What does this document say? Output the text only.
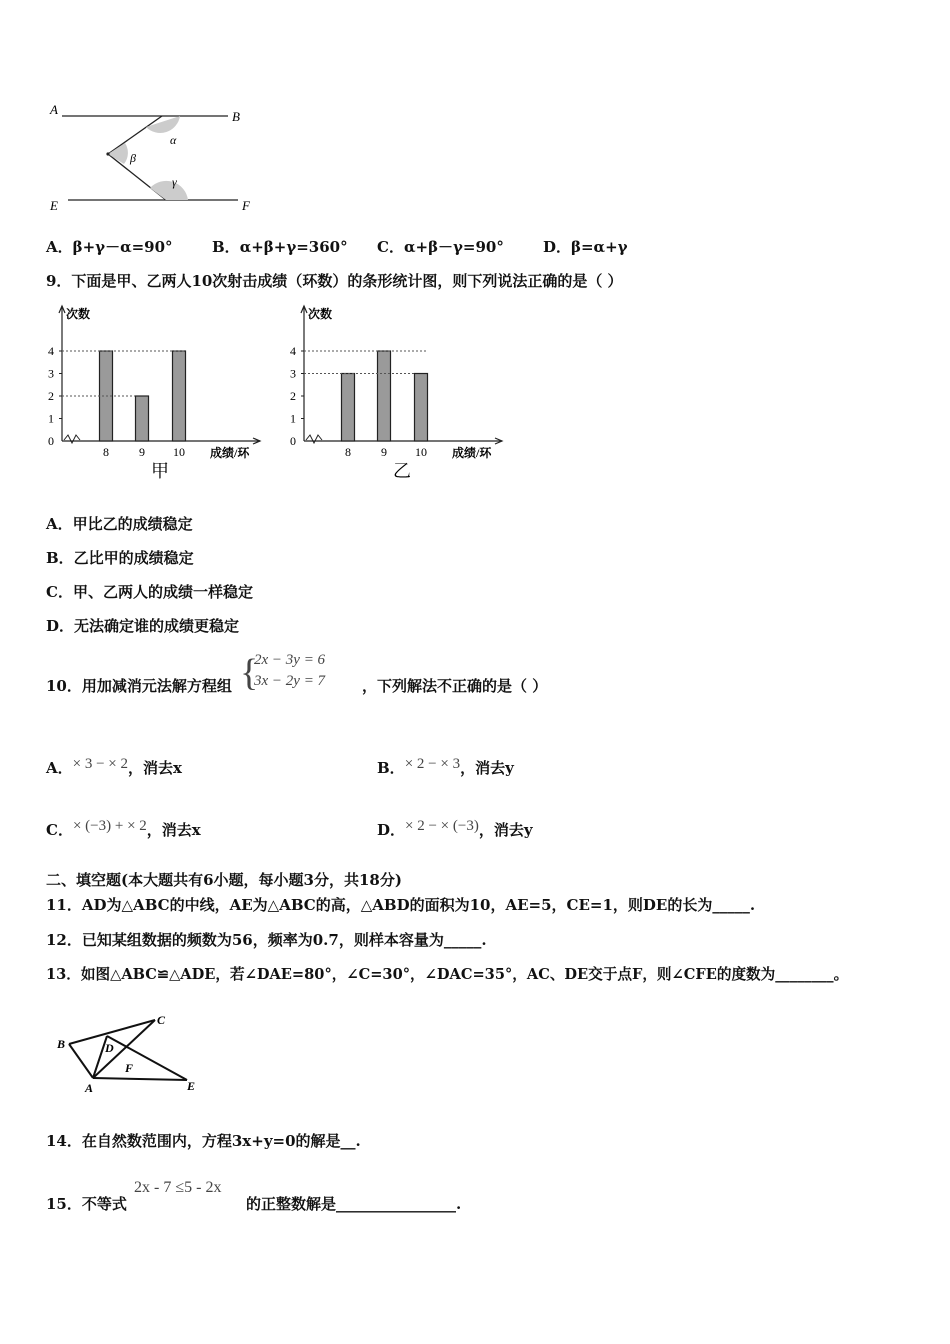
A	B
E	F
α
β
γ
A．β+γ－α=90°	B．α+β+γ=360° C．α+β－γ=90°	D．β=α+γ
9．下面是甲、乙两人10次射击成绩（环数）的条形统计图，则下列说法正确的是（ ）
0
1
2
3
4
次数
8	9 10 成绩/环
甲
0
1
2
3
4
次数
8	9 10 成绩/环
乙
A．甲比乙的成绩稳定
B．乙比甲的成绩稳定
C．甲、乙两人的成绩一样稳定
D．无法确定谁的成绩更稳定
10．用加减消元法解方程组 {
2x − 3y = 6
3x − 2y = 7 ，下列解法不正确的是（ ）
A．× 3 − × 2，消去x	B．× 2 − × 3，消去y
C．× (−3) + × 2，消去x	D．× 2 − × (−3)，消去y
二、填空题(本大题共有6小题，每小题3分，共18分)
11．AD为△ABC的中线，AE为△ABC的高，△ABD的面积为10，AE=5，CE=1，则DE的长为_____.
12．已知某组数据的频数为56，频率为0.7，则样本容量为_____.
13．如图△ABC≌△ADE，若∠DAE=80°，∠C=30°，∠DAC=35°，AC、DE交于点F，则∠CFE的度数为________。
B
C
D
F
A	E
14．在自然数范围内，方程3x+y=0的解是__.
15．不等式
2x - 7 ≤5 - 2x
的正整数解是________________.
